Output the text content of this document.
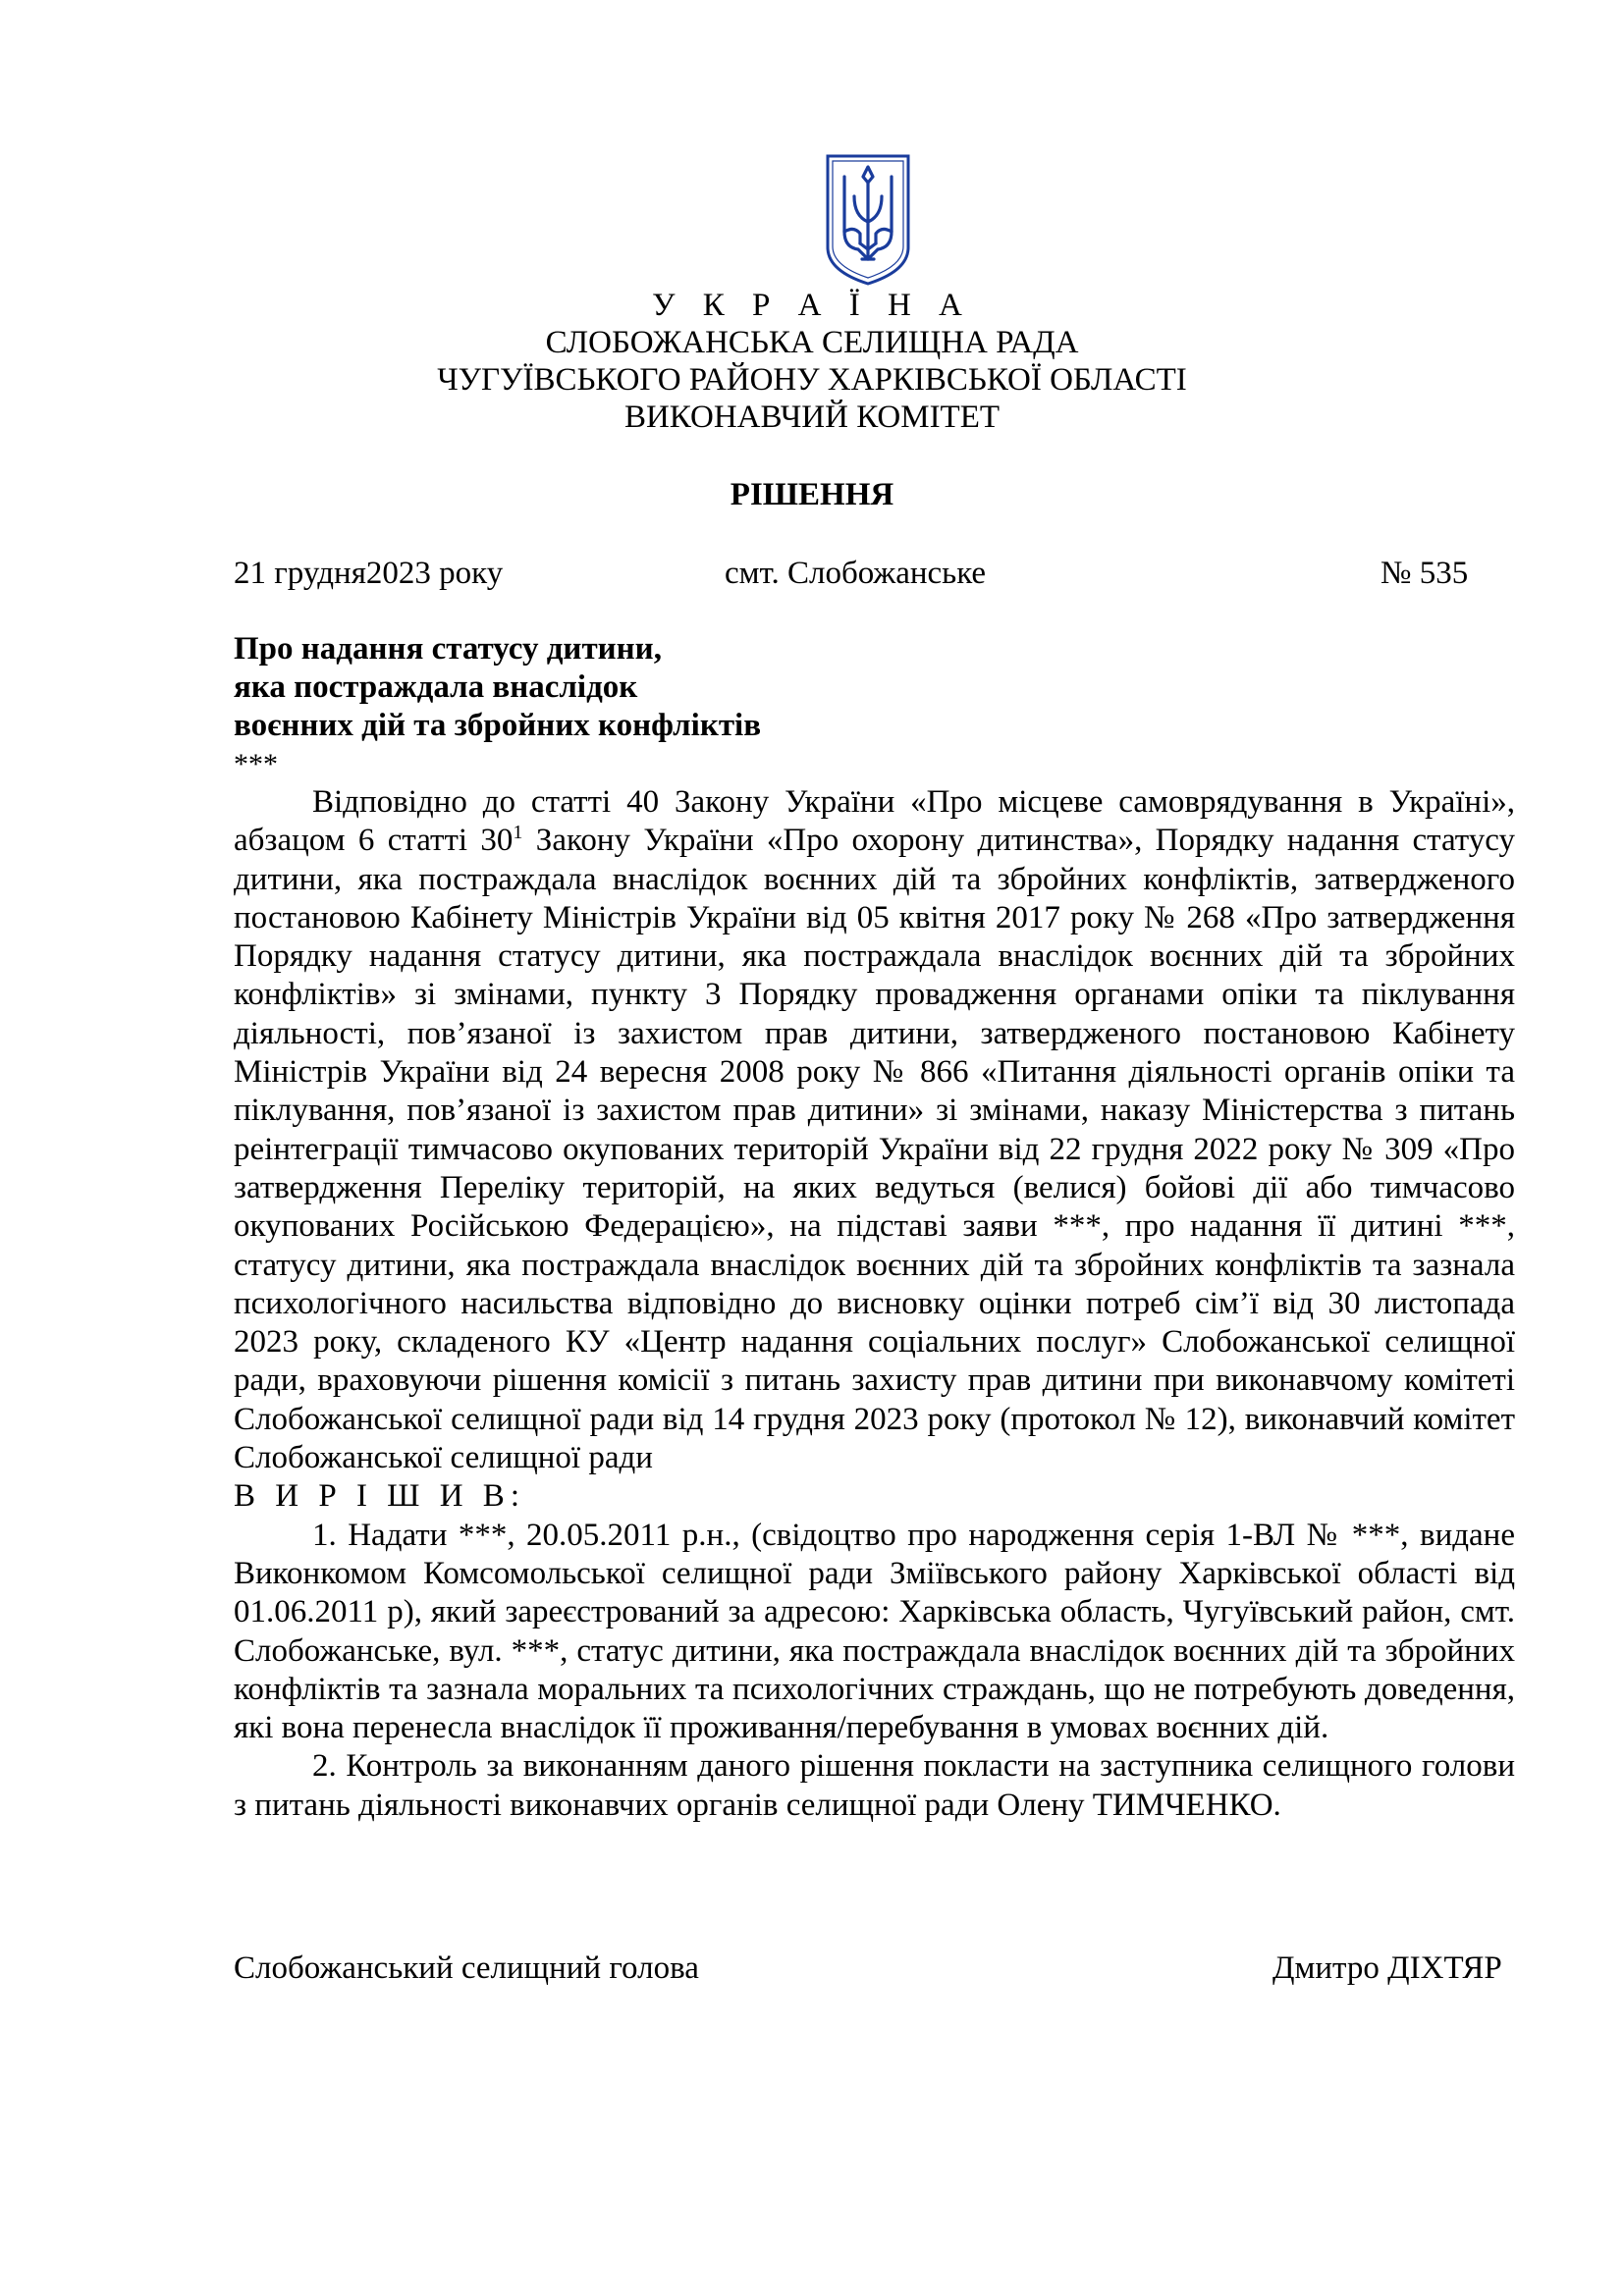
У К Р А Ї Н А
СЛОБОЖАНСЬКА СЕЛИЩНА РАДА
ЧУГУЇВСЬКОГО РАЙОНУ ХАРКІВСЬКОЇ ОБЛАСТІ
ВИКОНАВЧИЙ КОМІТЕТ
РІШЕННЯ
21 грудня2023 року	смт. Слобожанське	№ 535
Про надання статусу дитини,
яка постраждала внаслідок
воєнних дій та збройних конфліктів
***

Відповідно до статті 40 Закону України «Про місцеве самоврядування в Україні», абзацом 6 статті $30^1$ Закону України «Про охорону дитинства», Порядку надання статусу дитини, яка постраждала внаслідок воєнних дій та збройних конфліктів, затвердженого постановою Кабінету Міністрів України від 05 квітня 2017 року № 268 «Про затвердження Порядку надання статусу дитини, яка постраждала внаслідок воєнних дій та збройних конфліктів» зі змінами, пункту 3 Порядку провадження органами опіки та піклування діяльності, пов’язаної із захистом прав дитини, затвердженого постановою Кабінету Міністрів України від 24 вересня 2008 року № 866 «Питання діяльності органів опіки та піклування, пов’язаної із захистом прав дитини» зі змінами, наказу Міністерства з питань реінтеграції тимчасово окупованих територій України від 22 грудня 2022 року № 309 «Про затвердження Переліку територій, на яких ведуться (велися) бойові дії або тимчасово окупованих Російською Федерацією», на підставі заяви ***, про надання її дитині ***, статусу дитини, яка постраждала внаслідок воєнних дій та збройних конфліктів та зазнала психологічного насильства відповідно до висновку оцінки потреб сім’ї від 30 листопада 2023 року, складеного КУ «Центр надання соціальних послуг» Слобожанської селищної ради, враховуючи рішення комісії з питань захисту прав дитини при виконавчому комітеті Слобожанської селищної ради від 14 грудня 2023 року (протокол № 12), виконавчий комітет Слобожанської селищної ради

В И Р І Ш И В:

1. Надати ***, 20.05.2011 р.н., (свідоцтво про народження серія 1-ВЛ № ***, видане Виконкомом Комсомольської селищної ради Зміївського району Харківської області від 01.06.2011 р), який зареєстрований за адресою: Харківська область, Чугуївський район, смт. Слобожанське, вул. ***, статус дитини, яка постраждала внаслідок воєнних дій та збройних конфліктів та зазнала моральних та психологічних страждань, що не потребують доведення, які вона перенесла внаслідок її проживання/перебування в умовах воєнних дій.

2. Контроль за виконанням даного рішення покласти на заступника селищного голови з питань діяльності виконавчих органів селищної ради Олену ТИМЧЕНКО.

Слобожанський селищний голова	Дмитро ДІХТЯР
